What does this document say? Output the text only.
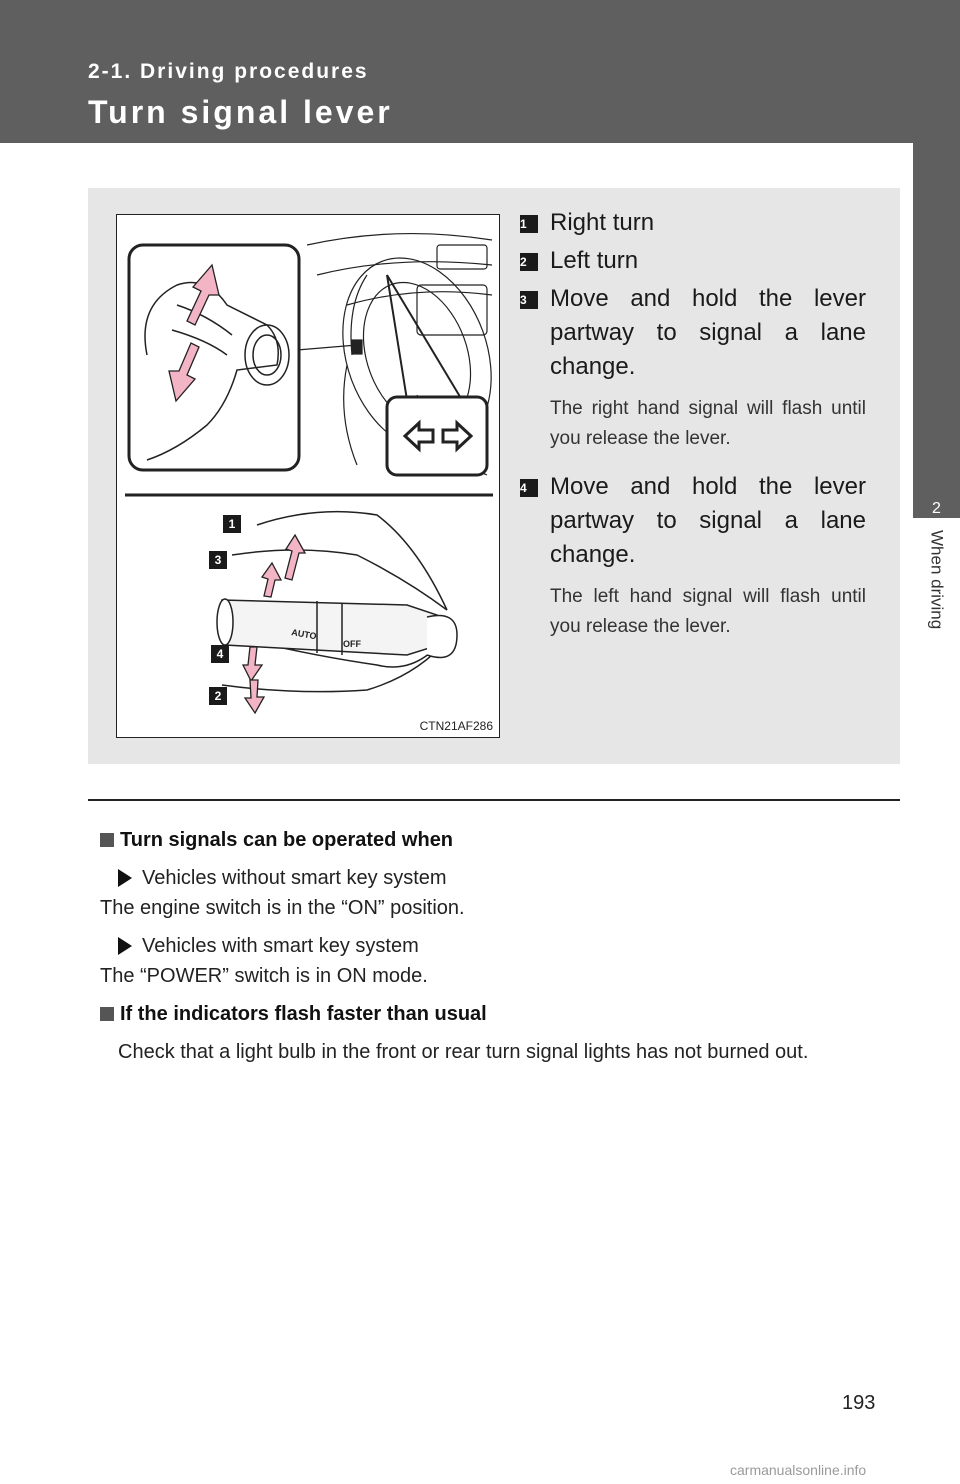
2-1. Driving procedures
Turn signal lever
2
When driving
AUTO
OFF
1
3
4
2
CTN21AF286
1 Right turn
2 Left turn
3 Move and hold the lever partway to signal a lane change.
The right hand signal will flash until you release the lever.
4 Move and hold the lever partway to signal a lane change.
The left hand signal will flash until you release the lever.
Turn signals can be operated when
Vehicles without smart key system
The engine switch is in the “ON” position.
Vehicles with smart key system
The “POWER” switch is in ON mode.
If the indicators flash faster than usual
Check that a light bulb in the front or rear turn signal lights has not burned out.
193
carmanualsonline.info
